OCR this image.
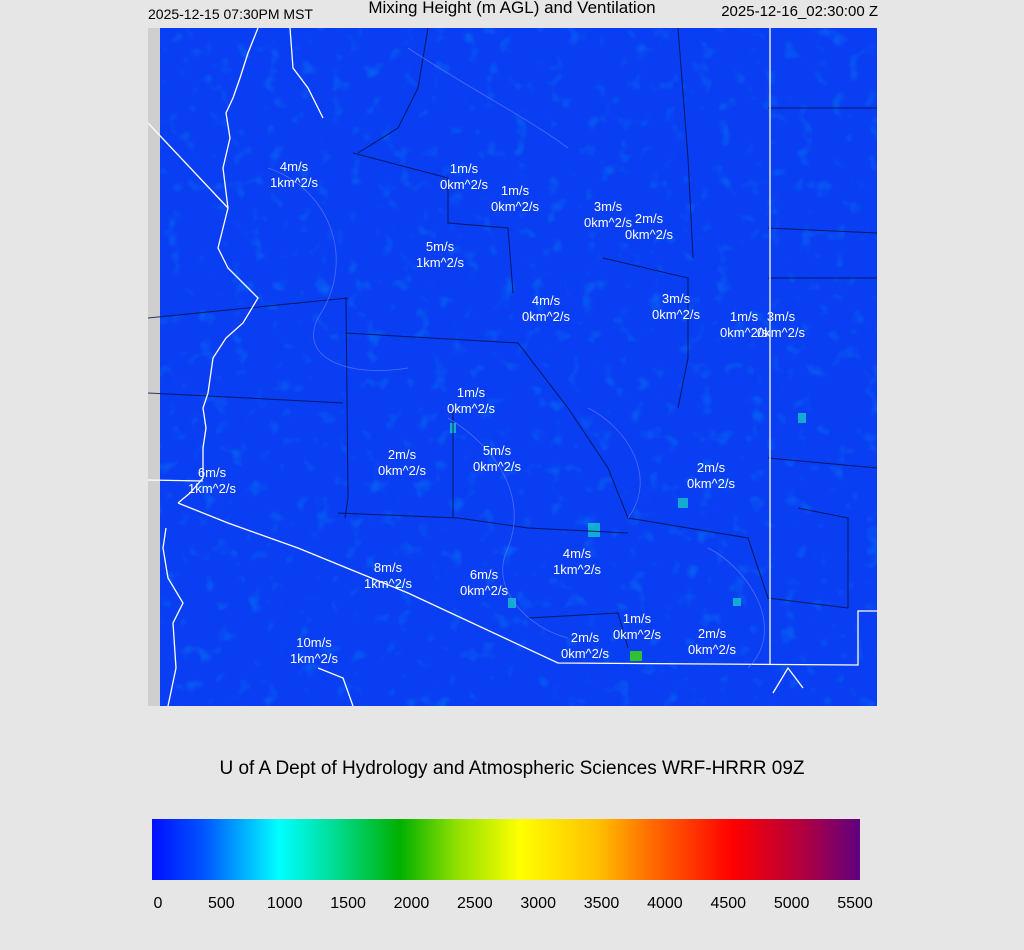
2025-12-15 07:30PM MST	Mixing Height (m AGL) and Ventilation	2025-12-16_02:30:00 Z
4m/s
1km^2/s
1m/s
0km^2/s 1m/s
0km^2/s	3m/s
0km^2/s 2m/s
0km^2/s
5m/s
1km^2/s
4m/s
0km^2/s
3m/s
0km^2/s 1m/s
0km^2/s
3m/s
0km^2/s
1m/s
0km^2/s
2m/s
0km^2/s
5m/s
0km^2/s	2m/s
0km^2/s
6m/s
1km^2/s
4m/s
1km^2/s
8m/s
1km^2/s
6m/s
0km^2/s
1m/s
0km^2/s
2m/s
0km^2/s
2m/s
0km^2/s
10m/s
1km^2/s
U of A Dept of Hydrology and Atmospheric Sciences WRF-HRRR 09Z
0	500 1000 1500 2000 2500 3000 3500 4000 4500 5000 5500
